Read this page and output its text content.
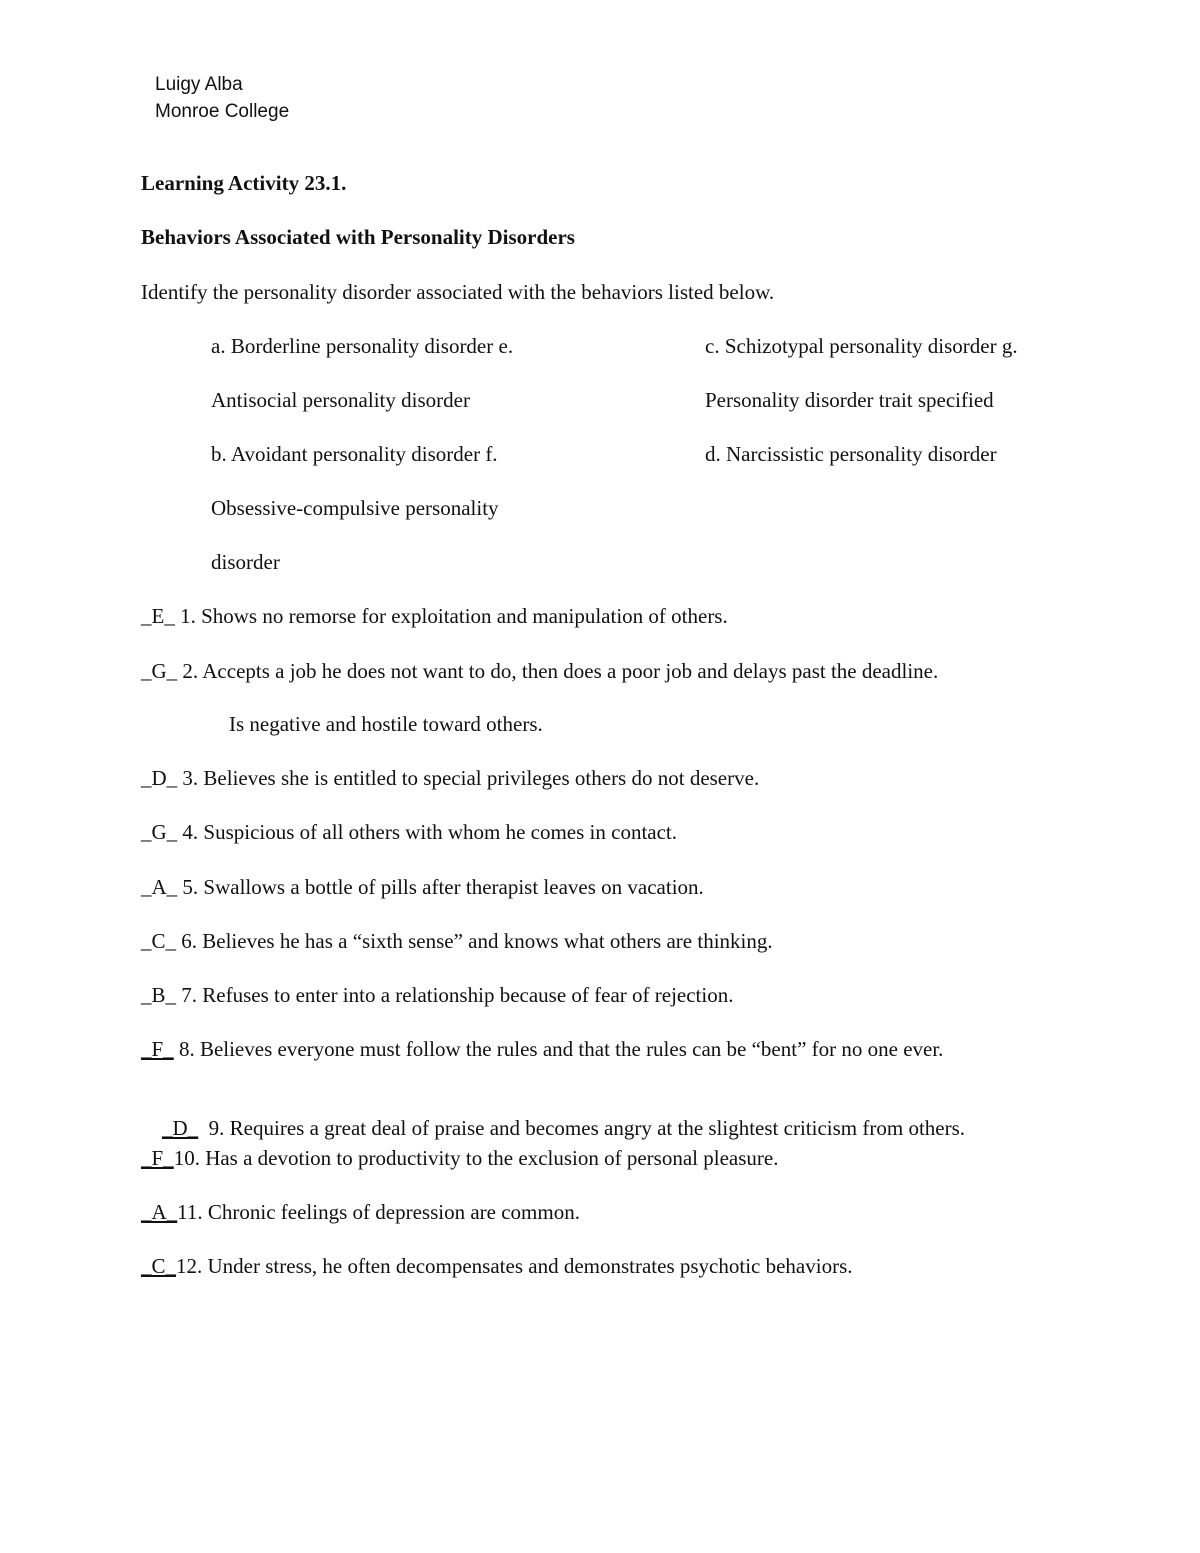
Luigy Alba
Monroe College
Learning Activity 23.1.
Behaviors Associated with Personality Disorders
Identify the personality disorder associated with the behaviors listed below.
a. Borderline personality disorder e.
Antisocial personality disorder
b. Avoidant personality disorder f.
Obsessive-compulsive personality
disorder
c. Schizotypal personality disorder g.
Personality disorder trait specified
d. Narcissistic personality disorder
_E_ 1. Shows no remorse for exploitation and manipulation of others.
_G_ 2. Accepts a job he does not want to do, then does a poor job and delays past the deadline.
Is negative and hostile toward others.
_D_ 3. Believes she is entitled to special privileges others do not deserve.
_G_ 4. Suspicious of all others with whom he comes in contact.
_A_ 5. Swallows a bottle of pills after therapist leaves on vacation.
_C_ 6. Believes he has a “sixth sense” and knows what others are thinking.
_B_ 7. Refuses to enter into a relationship because of fear of rejection.
_F_ 8. Believes everyone must follow the rules and that the rules can be “bent” for no one ever.

_D_  9. Requires a great deal of praise and becomes angry at the slightest criticism from others.

_F_10. Has a devotion to productivity to the exclusion of personal pleasure.
_A_11. Chronic feelings of depression are common.
_C_12. Under stress, he often decompensates and demonstrates psychotic behaviors.
